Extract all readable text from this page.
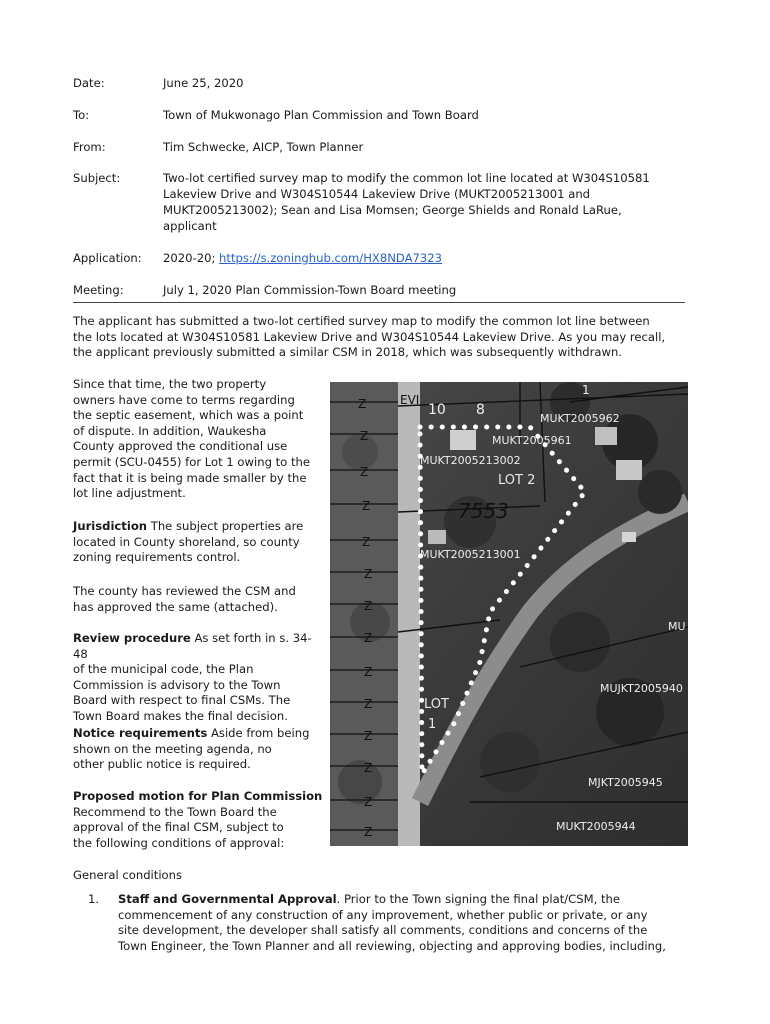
Date:	June 25, 2020
To:	Town of Mukwonago Plan Commission and Town Board
From:	Tim Schwecke, AICP, Town Planner
Subject:	Two-lot certified survey map to modify the common lot line located at W304S10581
Lakeview Drive and W304S10544 Lakeview Drive (MUKT2005213001 and
MUKT2005213002); Sean and Lisa Momsen; George Shields and Ronald LaRue,
applicant
Application:	2020-20; https://s.zoninghub.com/HX8NDA7323
Meeting:	July 1, 2020 Plan Commission-Town Board meeting
The applicant has submitted a two-lot certified survey map to modify the common lot line between
the lots located at W304S10581 Lakeview Drive and W304S10544 Lakeview Drive. As you may recall,
the applicant previously submitted a similar CSM in 2018, which was subsequently withdrawn.
Since that time, the two property
owners have come to terms regarding
the septic easement, which was a point
of dispute. In addition, Waukesha
County approved the conditional use
permit (SCU-0455) for Lot 1 owing to the
fact that it is being made smaller by the
lot line adjustment.
Jurisdiction The subject properties are
located in County shoreland, so county
zoning requirements control.
The county has reviewed the CSM and
has approved the same (attached).
Review procedure As set forth in s. 34-48
of the municipal code, the Plan
Commission is advisory to the Town
Board with respect to final CSMs. The
Town Board makes the final decision.
Notice requirements Aside from being
shown on the meeting agenda, no
other public notice is required.
Proposed motion for Plan Commission
Recommend to the Town Board the
approval of the final CSM, subject to
the following conditions of approval:
Z
Z
Z
Z
Z
Z
Z
Z
Z
Z
Z
Z
Z
Z
EVI
10 8
1
MUKT2005962
MUKT2005961
MUKT2005213002
MUKT2005213001
MUJKT2005940
MJKT2005945
MUKT2005944
MU
LOT 2
LOT
1
7553
General conditions
1. Staff and Governmental Approval. Prior to the Town signing the final plat/CSM, the
commencement of any construction of any improvement, whether public or private, or any
site development, the developer shall satisfy all comments, conditions and concerns of the
Town Engineer, the Town Planner and all reviewing, objecting and approving bodies, including,
